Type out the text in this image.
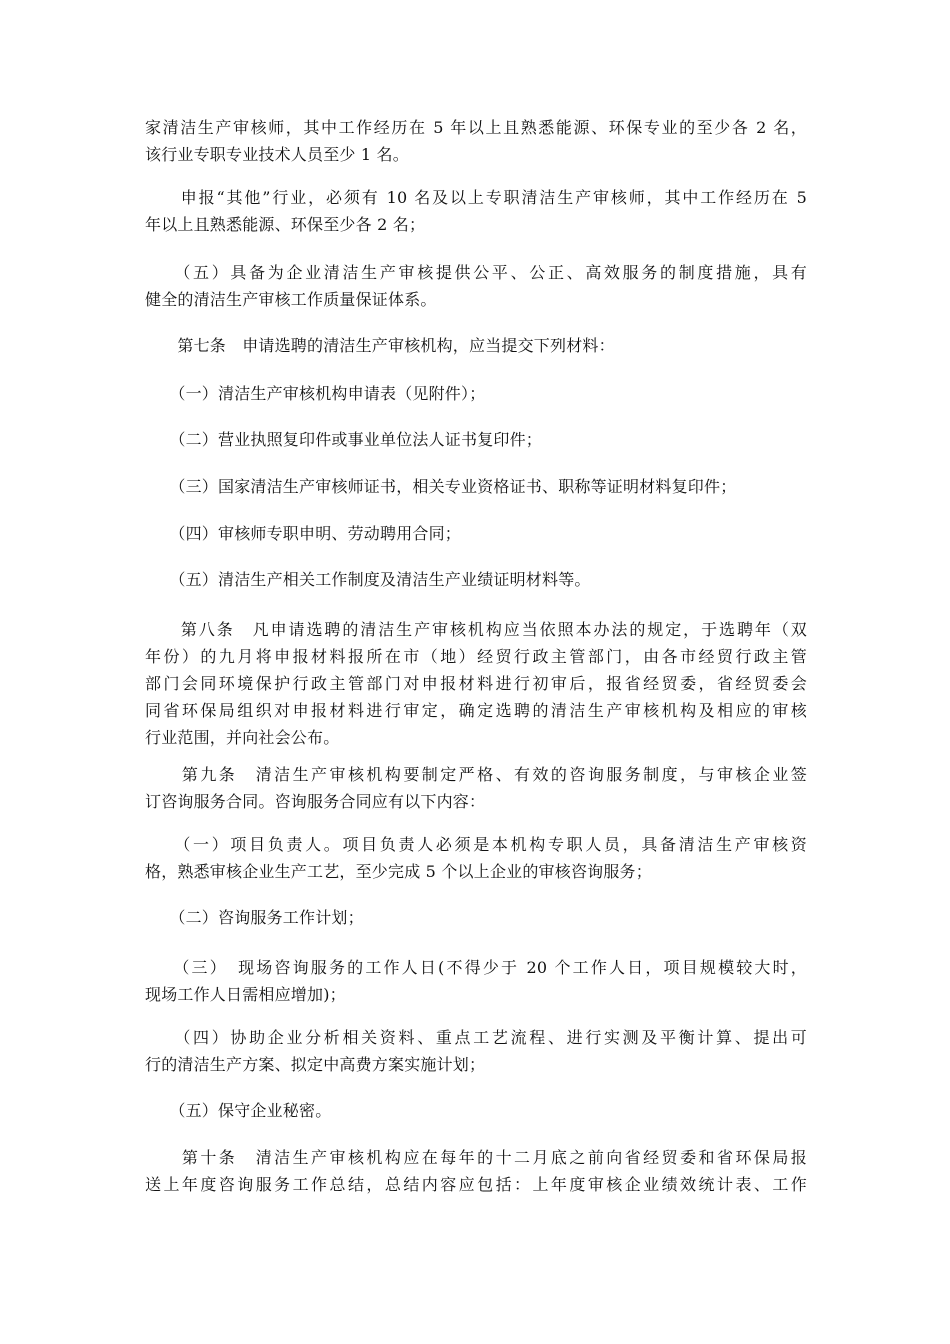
家清洁生产审核师，其中工作经历在 5 年以上且熟悉能源、环保专业的至少各 2 名，
该行业专职专业技术人员至少 1 名。
　　申报“其他”行业，必须有 10 名及以上专职清洁生产审核师，其中工作经历在 5
年以上且熟悉能源、环保至少各 2 名；
　　（五）具备为企业清洁生产审核提供公平、公正、高效服务的制度措施，具有
健全的清洁生产审核工作质量保证体系。
　　第七条　申请选聘的清洁生产审核机构，应当提交下列材料：
　　（一）清洁生产审核机构申请表（见附件）；
　　（二）营业执照复印件或事业单位法人证书复印件；
　　（三）国家清洁生产审核师证书，相关专业资格证书、职称等证明材料复印件；
　　（四）审核师专职申明、劳动聘用合同；
　　（五）清洁生产相关工作制度及清洁生产业绩证明材料等。
　　第八条　凡申请选聘的清洁生产审核机构应当依照本办法的规定，于选聘年（双
年份）的九月将申报材料报所在市（地）经贸行政主管部门，由各市经贸行政主管
部门会同环境保护行政主管部门对申报材料进行初审后，报省经贸委，省经贸委会
同省环保局组织对申报材料进行审定，确定选聘的清洁生产审核机构及相应的审核
行业范围，并向社会公布。
　　第九条　清洁生产审核机构要制定严格、有效的咨询服务制度，与审核企业签
订咨询服务合同。咨询服务合同应有以下内容：
　　（一）项目负责人。项目负责人必须是本机构专职人员，具备清洁生产审核资
格，熟悉审核企业生产工艺，至少完成 5 个以上企业的审核咨询服务；
　　（二）咨询服务工作计划；
　　（三）　现场咨询服务的工作人日(不得少于 20 个工作人日，项目规模较大时，
现场工作人日需相应增加)；
　　（四）协助企业分析相关资料、重点工艺流程、进行实测及平衡计算、提出可
行的清洁生产方案、拟定中高费方案实施计划；
　　（五）保守企业秘密。
　　第十条　清洁生产审核机构应在每年的十二月底之前向省经贸委和省环保局报
送上年度咨询服务工作总结，总结内容应包括：上年度审核企业绩效统计表、工作
